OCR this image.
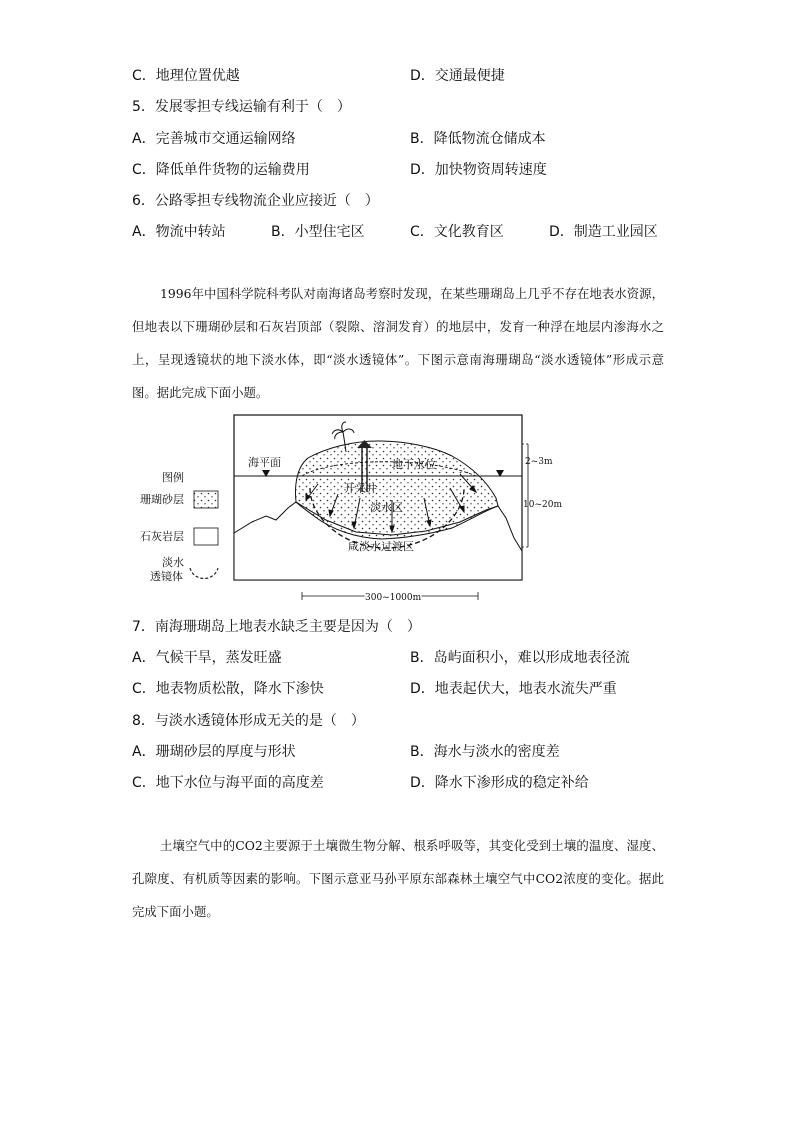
C．地理位置优越	D．交通最便捷
5．发展零担专线运输有利于（　）
A．完善城市交通运输网络	B．降低物流仓储成本
C．降低单件货物的运输费用	D．加快物资周转速度
6．公路零担专线物流企业应接近（　）
A．物流中转站	B．小型住宅区	C．文化教育区	D．制造工业园区

1996年中国科学院科考队对南海诸岛考察时发现，在某些珊瑚岛上几乎不存在地表水资源，但地表以下珊瑚砂层和石灰岩顶部（裂隙、溶洞发育）的地层中，发育一种浮在地层内渗海水之上，呈现透镜状的地下淡水体，即“淡水透镜体”。下图示意南海珊瑚岛“淡水透镜体”形成示意图。据此完成下面小题。

海平面	地下水位
开采井
淡水区
咸淡水过渡区
2~3m
10~20m
300~1000m
图例
珊瑚砂层
石灰岩层
淡水
透镜体
7．南海珊瑚岛上地表水缺乏主要是因为（　）
A．气候干旱，蒸发旺盛	B．岛屿面积小，难以形成地表径流
C．地表物质松散，降水下渗快	D．地表起伏大，地表水流失严重
8．与淡水透镜体形成无关的是（　）
A．珊瑚砂层的厚度与形状	B．海水与淡水的密度差
C．地下水位与海平面的高度差	D．降水下渗形成的稳定补给

土壤空气中的CO2主要源于土壤微生物分解、根系呼吸等，其变化受到土壤的温度、湿度、孔隙度、有机质等因素的影响。下图示意亚马孙平原东部森林土壤空气中CO2浓度的变化。据此完成下面小题。
